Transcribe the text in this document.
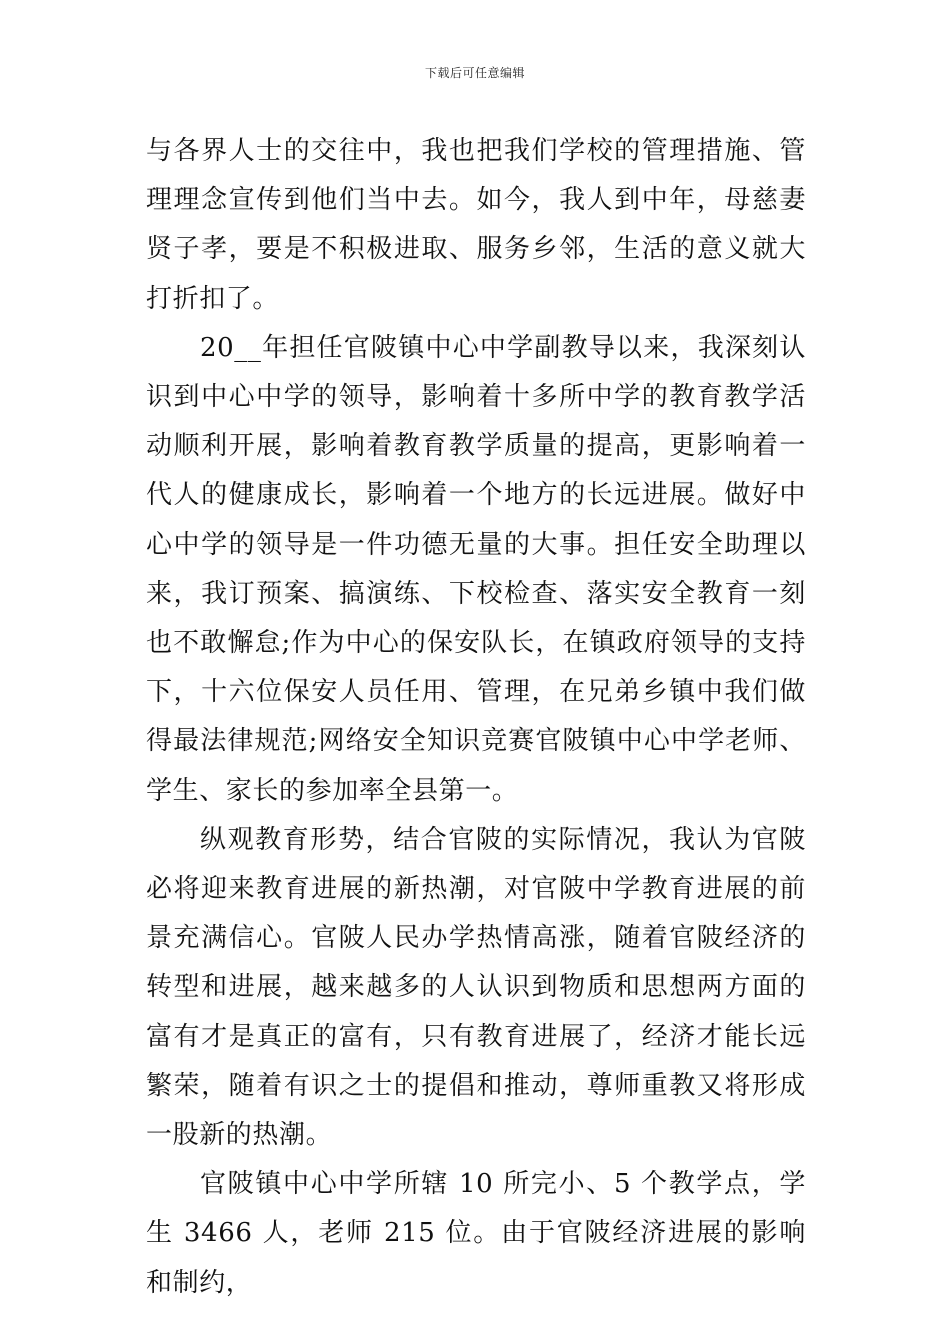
下载后可任意编辑

与各界人士的交往中，我也把我们学校的管理措施、管理理念宣传到他们当中去。如今，我人到中年，母慈妻贤子孝，要是不积极进取、服务乡邻，生活的意义就大打折扣了。

20__年担任官陂镇中心中学副教导以来，我深刻认识到中心中学的领导，影响着十多所中学的教育教学活动顺利开展，影响着教育教学质量的提高，更影响着一代人的健康成长，影响着一个地方的长远进展。做好中心中学的领导是一件功德无量的大事。担任安全助理以来，我订预案、搞演练、下校检查、落实安全教育一刻也不敢懈怠;作为中心的保安队长，在镇政府领导的支持下，十六位保安人员任用、管理，在兄弟乡镇中我们做得最法律规范;网络安全知识竞赛官陂镇中心中学老师、学生、家长的参加率全县第一。

纵观教育形势，结合官陂的实际情况，我认为官陂必将迎来教育进展的新热潮，对官陂中学教育进展的前景充满信心。官陂人民办学热情高涨，随着官陂经济的转型和进展，越来越多的人认识到物质和思想两方面的富有才是真正的富有，只有教育进展了，经济才能长远繁荣，随着有识之士的提倡和推动，尊师重教又将形成一股新的热潮。

官陂镇中心中学所辖 10 所完小、5 个教学点，学生 3466 人，老师 215 位。由于官陂经济进展的影响和制约，
